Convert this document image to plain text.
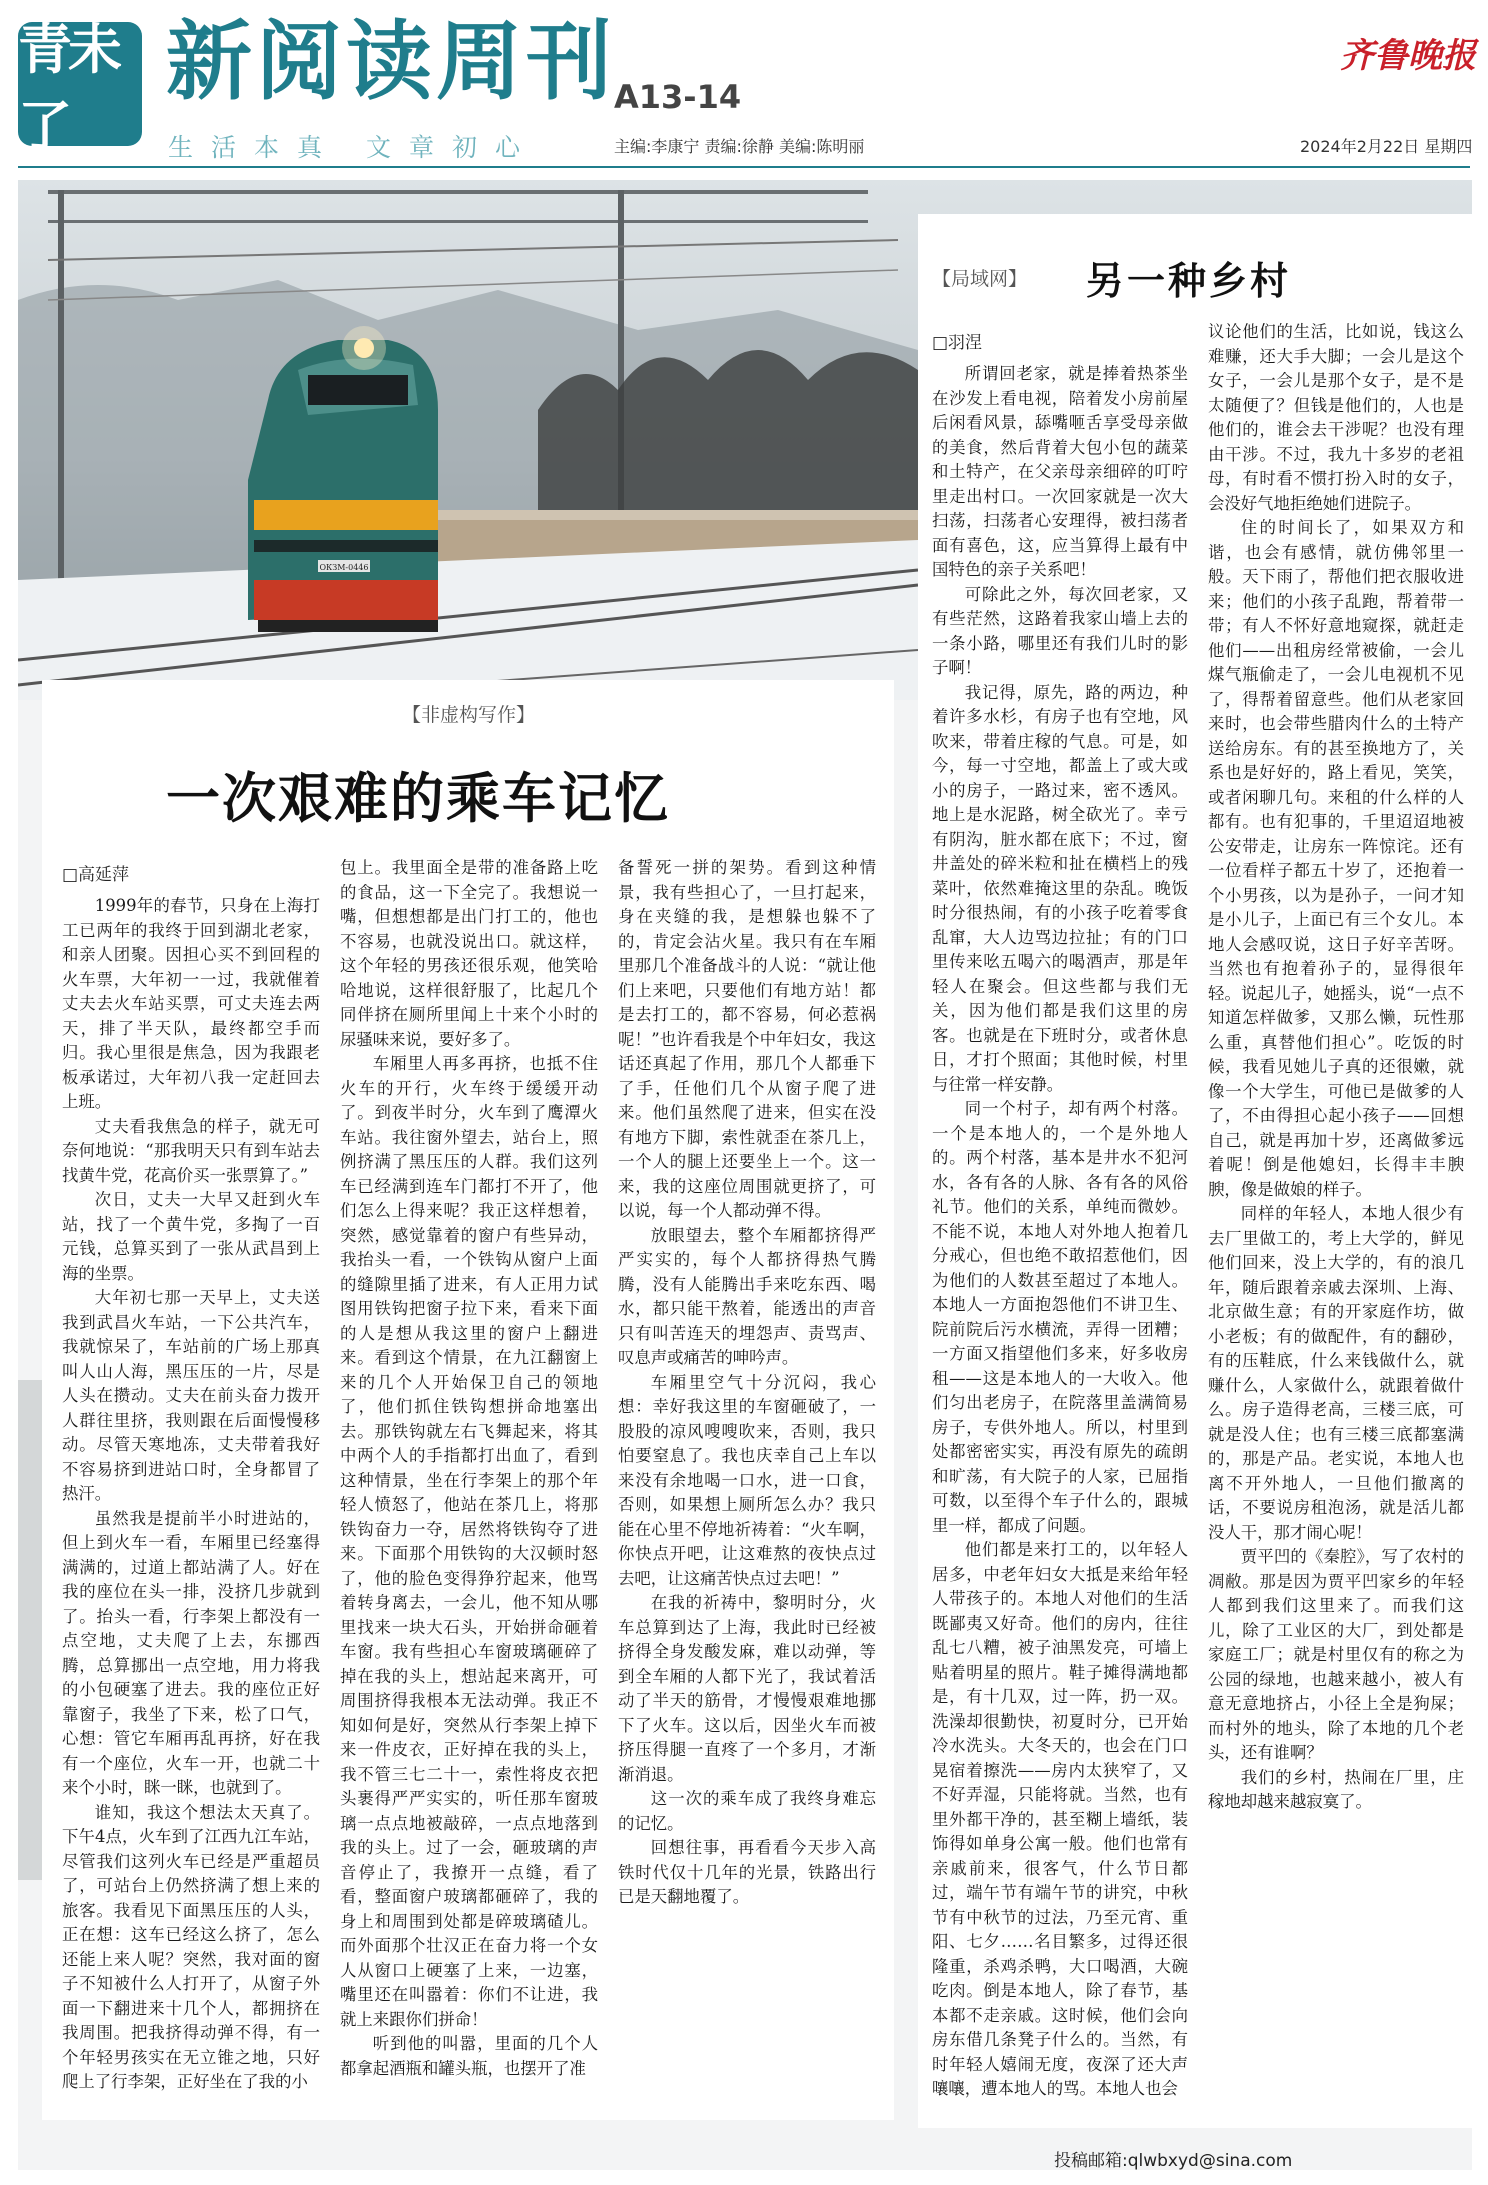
青未了
新阅读周刊
生活本真 文章初心
A13-14
主编:李康宁 责编:徐静 美编:陈明丽
齐鲁晚报
2024年2月22日 星期四
ОКЗМ-0446
【局域网】 另一种乡村
□羽涅

所谓回老家，就是捧着热茶坐在沙发上看电视，陪着发小房前屋后闲看风景，舔嘴咂舌享受母亲做的美食，然后背着大包小包的蔬菜和土特产，在父亲母亲细碎的叮咛里走出村口。一次回家就是一次大扫荡，扫荡者心安理得，被扫荡者面有喜色，这，应当算得上最有中国特色的亲子关系吧！

可除此之外，每次回老家，又有些茫然，这路着我家山墙上去的一条小路，哪里还有我们儿时的影子啊！

我记得，原先，路的两边，种着许多水杉，有房子也有空地，风吹来，带着庄稼的气息。可是，如今，每一寸空地，都盖上了或大或小的房子，一路过来，密不透风。地上是水泥路，树全砍光了。幸亏有阴沟，脏水都在底下；不过，窗井盖处的碎米粒和扯在横档上的残菜叶，依然难掩这里的杂乱。晚饭时分很热闹，有的小孩子吃着零食乱窜，大人边骂边拉扯；有的门口里传来吆五喝六的喝酒声，那是年轻人在聚会。但这些都与我们无关，因为他们都是我们这里的房客。也就是在下班时分，或者休息日，才打个照面；其他时候，村里与往常一样安静。

同一个村子，却有两个村落。一个是本地人的，一个是外地人的。两个村落，基本是井水不犯河水，各有各的人脉、各有各的风俗礼节。他们的关系，单纯而微妙。不能不说，本地人对外地人抱着几分戒心，但也绝不敢招惹他们，因为他们的人数甚至超过了本地人。本地人一方面抱怨他们不讲卫生、院前院后污水横流，弄得一团糟；一方面又指望他们多来，好多收房租——这是本地人的一大收入。他们匀出老房子，在院落里盖满简易房子，专供外地人。所以，村里到处都密密实实，再没有原先的疏朗和旷荡，有大院子的人家，已屈指可数，以至得个车子什么的，跟城里一样，都成了问题。

他们都是来打工的，以年轻人居多，中老年妇女大抵是来给年轻人带孩子的。本地人对他们的生活既鄙夷又好奇。他们的房内，往往乱七八糟，被子油黑发亮，可墙上贴着明星的照片。鞋子摊得满地都是，有十几双，过一阵，扔一双。洗澡却很勤快，初夏时分，已开始冷水洗头。大冬天的，也会在门口晃宿着擦洗——房内太狭窄了，又不好弄湿，只能将就。当然，也有里外都干净的，甚至糊上墙纸，装饰得如单身公寓一般。他们也常有亲戚前来，很客气，什么节日都过，端午节有端午节的讲究，中秋节有中秋节的过法，乃至元宵、重阳、七夕……名目繁多，过得还很隆重，杀鸡杀鸭，大口喝酒，大碗吃肉。倒是本地人，除了春节，基本都不走亲戚。这时候，他们会向房东借几条凳子什么的。当然，有时年轻人嬉闹无度，夜深了还大声嚷嚷，遭本地人的骂。本地人也会

议论他们的生活，比如说，钱这么难赚，还大手大脚；一会儿是这个女子，一会儿是那个女子，是不是太随便了？但钱是他们的，人也是他们的，谁会去干涉呢？也没有理由干涉。不过，我九十多岁的老祖母，有时看不惯打扮入时的女子，会没好气地拒绝她们进院子。

住的时间长了，如果双方和谐，也会有感情，就仿佛邻里一般。天下雨了，帮他们把衣服收进来；他们的小孩子乱跑，帮着带一带；有人不怀好意地窥探，就赶走他们——出租房经常被偷，一会儿煤气瓶偷走了，一会儿电视机不见了，得帮着留意些。他们从老家回来时，也会带些腊肉什么的土特产送给房东。有的甚至换地方了，关系也是好好的，路上看见，笑笑，或者闲聊几句。来租的什么样的人都有。也有犯事的，千里迢迢地被公安带走，让房东一阵惊诧。还有一位看样子都五十岁了，还抱着一个小男孩，以为是孙子，一问才知是小儿子，上面已有三个女儿。本地人会感叹说，这日子好辛苦呀。当然也有抱着孙子的，显得很年轻。说起儿子，她摇头，说“一点不知道怎样做爹，又那么懒，玩性那么重，真替他们担心”。吃饭的时候，我看见她儿子真的还很嫩，就像一个大学生，可他已是做爹的人了，不由得担心起小孩子——回想自己，就是再加十岁，还离做爹远着呢！倒是他媳妇，长得丰丰腴腴，像是做娘的样子。

同样的年轻人，本地人很少有去厂里做工的，考上大学的，鲜见他们回来，没上大学的，有的浪几年，随后跟着亲戚去深圳、上海、北京做生意；有的开家庭作坊，做小老板；有的做配件，有的翻砂，有的压鞋底，什么来钱做什么，就赚什么，人家做什么，就跟着做什么。房子造得老高，三楼三底，可就是没人住；也有三楼三底都塞满的，那是产品。老实说，本地人也离不开外地人，一旦他们撤离的话，不要说房租泡汤，就是活儿都没人干，那才闹心呢！

贾平凹的《秦腔》，写了农村的凋敝。那是因为贾平凹家乡的年轻人都到我们这里来了。而我们这儿，除了工业区的大厂，到处都是家庭工厂；就是村里仅有的称之为公园的绿地，也越来越小，被人有意无意地挤占，小径上全是狗屎；而村外的地头，除了本地的几个老头，还有谁啊？

我们的乡村，热闹在厂里，庄稼地却越来越寂寞了。

【非虚构写作】
一次艰难的乘车记忆
□高延萍

1999年的春节，只身在上海打工已两年的我终于回到湖北老家，和亲人团聚。因担心买不到回程的火车票，大年初一一过，我就催着丈夫去火车站买票，可丈夫连去两天，排了半天队，最终都空手而归。我心里很是焦急，因为我跟老板承诺过，大年初八我一定赶回去上班。

丈夫看我焦急的样子，就无可奈何地说：“那我明天只有到车站去找黄牛党，花高价买一张票算了。”

次日，丈夫一大早又赶到火车站，找了一个黄牛党，多掏了一百元钱，总算买到了一张从武昌到上海的坐票。

大年初七那一天早上，丈夫送我到武昌火车站，一下公共汽车，我就惊呆了，车站前的广场上那真叫人山人海，黑压压的一片，尽是人头在攒动。丈夫在前头奋力拨开人群往里挤，我则跟在后面慢慢移动。尽管天寒地冻，丈夫带着我好不容易挤到进站口时，全身都冒了热汗。

虽然我是提前半小时进站的，但上到火车一看，车厢里已经塞得满满的，过道上都站满了人。好在我的座位在头一排，没挤几步就到了。抬头一看，行李架上都没有一点空地，丈夫爬了上去，东挪西腾，总算挪出一点空地，用力将我的小包硬塞了进去。我的座位正好靠窗子，我坐了下来，松了口气，心想：管它车厢再乱再挤，好在我有一个座位，火车一开，也就二十来个小时，眯一眯，也就到了。

谁知，我这个想法太天真了。下午4点，火车到了江西九江车站，尽管我们这列火车已经是严重超员了，可站台上仍然挤满了想上来的旅客。我看见下面黑压压的人头，正在想：这车已经这么挤了，怎么还能上来人呢？突然，我对面的窗子不知被什么人打开了，从窗子外面一下翻进来十几个人，都拥挤在我周围。把我挤得动弹不得，有一个年轻男孩实在无立锥之地，只好爬上了行李架，正好坐在了我的小

包上。我里面全是带的准备路上吃的食品，这一下全完了。我想说一嘴，但想想都是出门打工的，他也不容易，也就没说出口。就这样，这个年轻的男孩还很乐观，他笑哈哈地说，这样很舒服了，比起几个同伴挤在厕所里闻上十来个小时的尿骚味来说，要好多了。

车厢里人再多再挤，也抵不住火车的开行，火车终于缓缓开动了。到夜半时分，火车到了鹰潭火车站。我往窗外望去，站台上，照例挤满了黑压压的人群。我们这列车已经满到连车门都打不开了，他们怎么上得来呢？我正这样想着，突然，感觉靠着的窗户有些异动，我抬头一看，一个铁钩从窗户上面的缝隙里插了进来，有人正用力试图用铁钩把窗子拉下来，看来下面的人是想从我这里的窗户上翻进来。看到这个情景，在九江翻窗上来的几个人开始保卫自己的领地了，他们抓住铁钩想拼命地塞出去。那铁钩就左右飞舞起来，将其中两个人的手指都打出血了，看到这种情景，坐在行李架上的那个年轻人愤怒了，他站在茶几上，将那铁钩奋力一夺，居然将铁钩夺了进来。下面那个用铁钩的大汉顿时怒了，他的脸色变得狰狞起来，他骂着转身离去，一会儿，他不知从哪里找来一块大石头，开始拼命砸着车窗。我有些担心车窗玻璃砸碎了掉在我的头上，想站起来离开，可周围挤得我根本无法动弹。我正不知如何是好，突然从行李架上掉下来一件皮衣，正好掉在我的头上，我不管三七二十一，索性将皮衣把头裹得严严实实的，听任那车窗玻璃一点点地被敲碎，一点点地落到我的头上。过了一会，砸玻璃的声音停止了，我撩开一点缝，看了看，整面窗户玻璃都砸碎了，我的身上和周围到处都是碎玻璃碴儿。而外面那个壮汉正在奋力将一个女人从窗口上硬塞了上来，一边塞，嘴里还在叫嚣着：你们不让进，我就上来跟你们拼命！

听到他的叫嚣，里面的几个人都拿起酒瓶和罐头瓶，也摆开了准

备誓死一拼的架势。看到这种情景，我有些担心了，一旦打起来，身在夹缝的我，是想躲也躲不了的，肯定会沾火星。我只有在车厢里那几个准备战斗的人说：“就让他们上来吧，只要他们有地方站！都是去打工的，都不容易，何必惹祸呢！”也许看我是个中年妇女，我这话还真起了作用，那几个人都垂下了手，任他们几个从窗子爬了进来。他们虽然爬了进来，但实在没有地方下脚，索性就歪在茶几上，一个人的腿上还要坐上一个。这一来，我的这座位周围就更挤了，可以说，每一个人都动弹不得。

放眼望去，整个车厢都挤得严严实实的，每个人都挤得热气腾腾，没有人能腾出手来吃东西、喝水，都只能干熬着，能透出的声音只有叫苦连天的埋怨声、责骂声、叹息声或痛苦的呻吟声。

车厢里空气十分沉闷，我心想：幸好我这里的车窗砸破了，一股股的凉风嗖嗖吹来，否则，我只怕要窒息了。我也庆幸自己上车以来没有余地喝一口水，进一口食，否则，如果想上厕所怎么办？我只能在心里不停地祈祷着：“火车啊，你快点开吧，让这难熬的夜快点过去吧，让这痛苦快点过去吧！”

在我的祈祷中，黎明时分，火车总算到达了上海，我此时已经被挤得全身发酸发麻，难以动弹，等到全车厢的人都下光了，我试着活动了半天的筋骨，才慢慢艰难地挪下了火车。这以后，因坐火车而被挤压得腿一直疼了一个多月，才渐渐消退。

这一次的乘车成了我终身难忘的记忆。

回想往事，再看看今天步入高铁时代仅十几年的光景，铁路出行已是天翻地覆了。

投稿邮箱:qlwbxyd@sina.com
